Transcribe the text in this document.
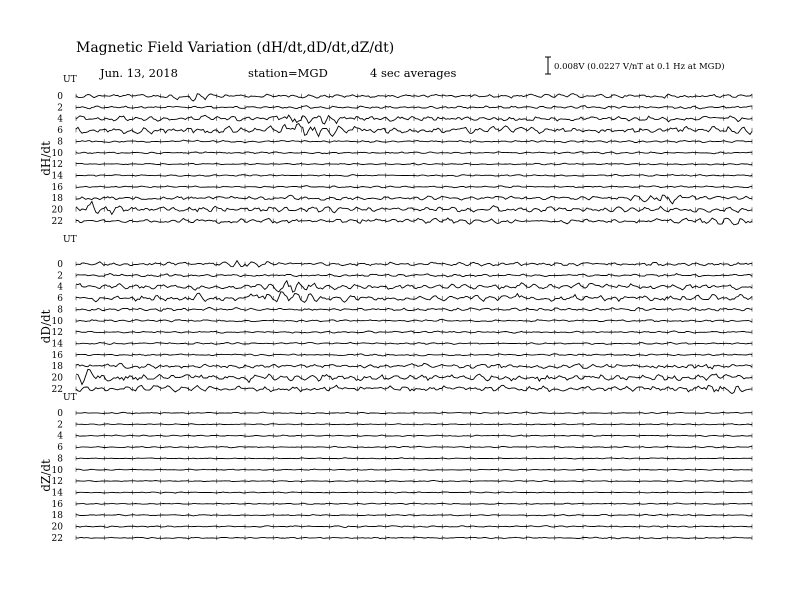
Magnetic Field Variation (dH/dt,dD/dt,dZ/dt)
Jun. 13, 2018	station=MGD	4 sec averages	0.008V (0.0227 V/nT at 0.1 Hz at MGD)
UT
dH/dt
0
2
4
6
8
10
12
14
16
18
20
22
UT
dD/dt
0
2
4
6
8
10
12
14
16
18
20
22
UT
dZ/dt
0
2
4
6
8
10
12
14
16
18
20
22
